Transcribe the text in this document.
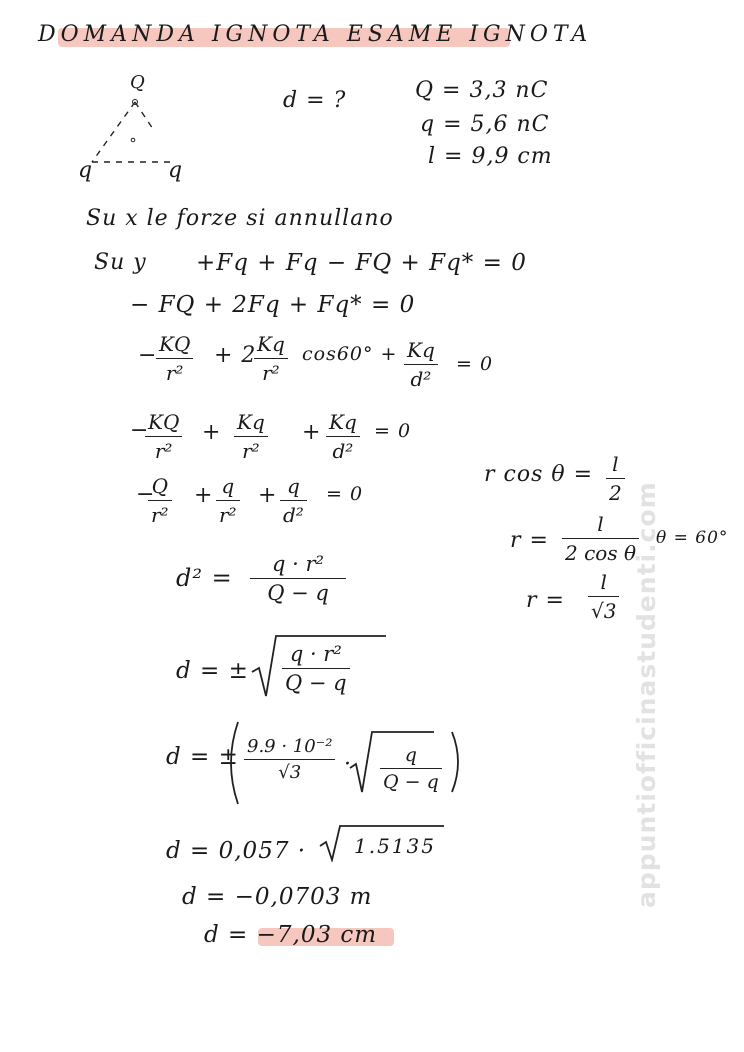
DOMANDA IGNOTA ESAME IGNOTA
Q
q	q
d = ?	Q = 3,3 nC
q = 5,6 nC
l = 9,9 cm
Su x le forze si annullano
Su y +Fq + Fq − FQ + Fq* = 0
− FQ + 2Fq + Fq* = 0
− KQ
r²
+ 2 Kq
r²
cos60° + Kq
d²
= 0
−
KQ
r²
+ Kq
r²
+ Kq
d²
= 0
−
Q
r²
+ q
r²
+ q
d²
= 0
r cos θ = l
2
r =
l
2 cos θ
θ = 60°
r =
l
√3
d² = q · r²
Q − q
d = ±
q · r²
Q − q
d = ± 9.9 · 10⁻²
√3 ·	q
Q − q
d = 0,057 · 1.5135
d = −0,0703 m
d = −7,03 cm
appuntiofficinastudenti.com
